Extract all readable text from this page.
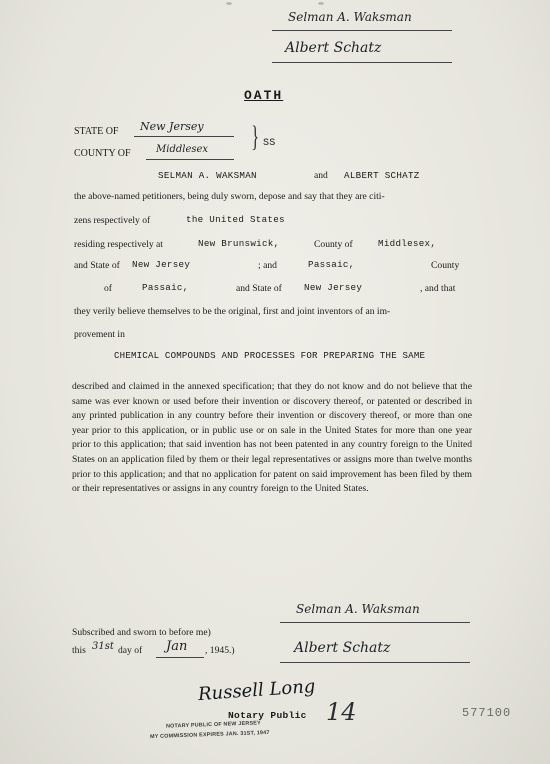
Selman A. Waksman
Albert Schatz
OATH
STATE OF New Jersey
COUNTY OF	Middlesex } SS
SELMAN A. WAKSMAN	and ALBERT SCHATZ
the above-named petitioners, being duly sworn, depose and say that they are citi-
zens respectively of	the United States
residing respectively at	New Brunswick,	County of	Middlesex,
and State of New Jersey	; and	Passaic,	County
of	Passaic,	and State of New Jersey	, and that
they verily believe themselves to be the original, first and joint inventors of an im-
provement in
CHEMICAL COMPOUNDS AND PROCESSES FOR PREPARING THE SAME
described and claimed in the annexed specification; that they do not know and do not believe that the same was ever known or used before their invention or discovery thereof, or patented or described in any printed publication in any country before their invention or discovery thereof, or more than one year prior to this application, or in public use or on sale in the United States for more than one year prior to this application; that said invention has not been patented in any country foreign to the United States on an application filed by them or their legal representatives or assigns more than twelve months prior to this application; and that no application for patent on said improvement has been filed by them or their representatives or assigns in any country foreign to the United States.
Subscribed and sworn to before me)
this 31st day of Jan , 1945.)
Selman A. Waksman
Albert Schatz
Russell Long
Notary Public 14
NOTARY PUBLIC OF NEW JERSEY
MY COMMISSION EXPIRES JAN. 31ST, 1947
577100
